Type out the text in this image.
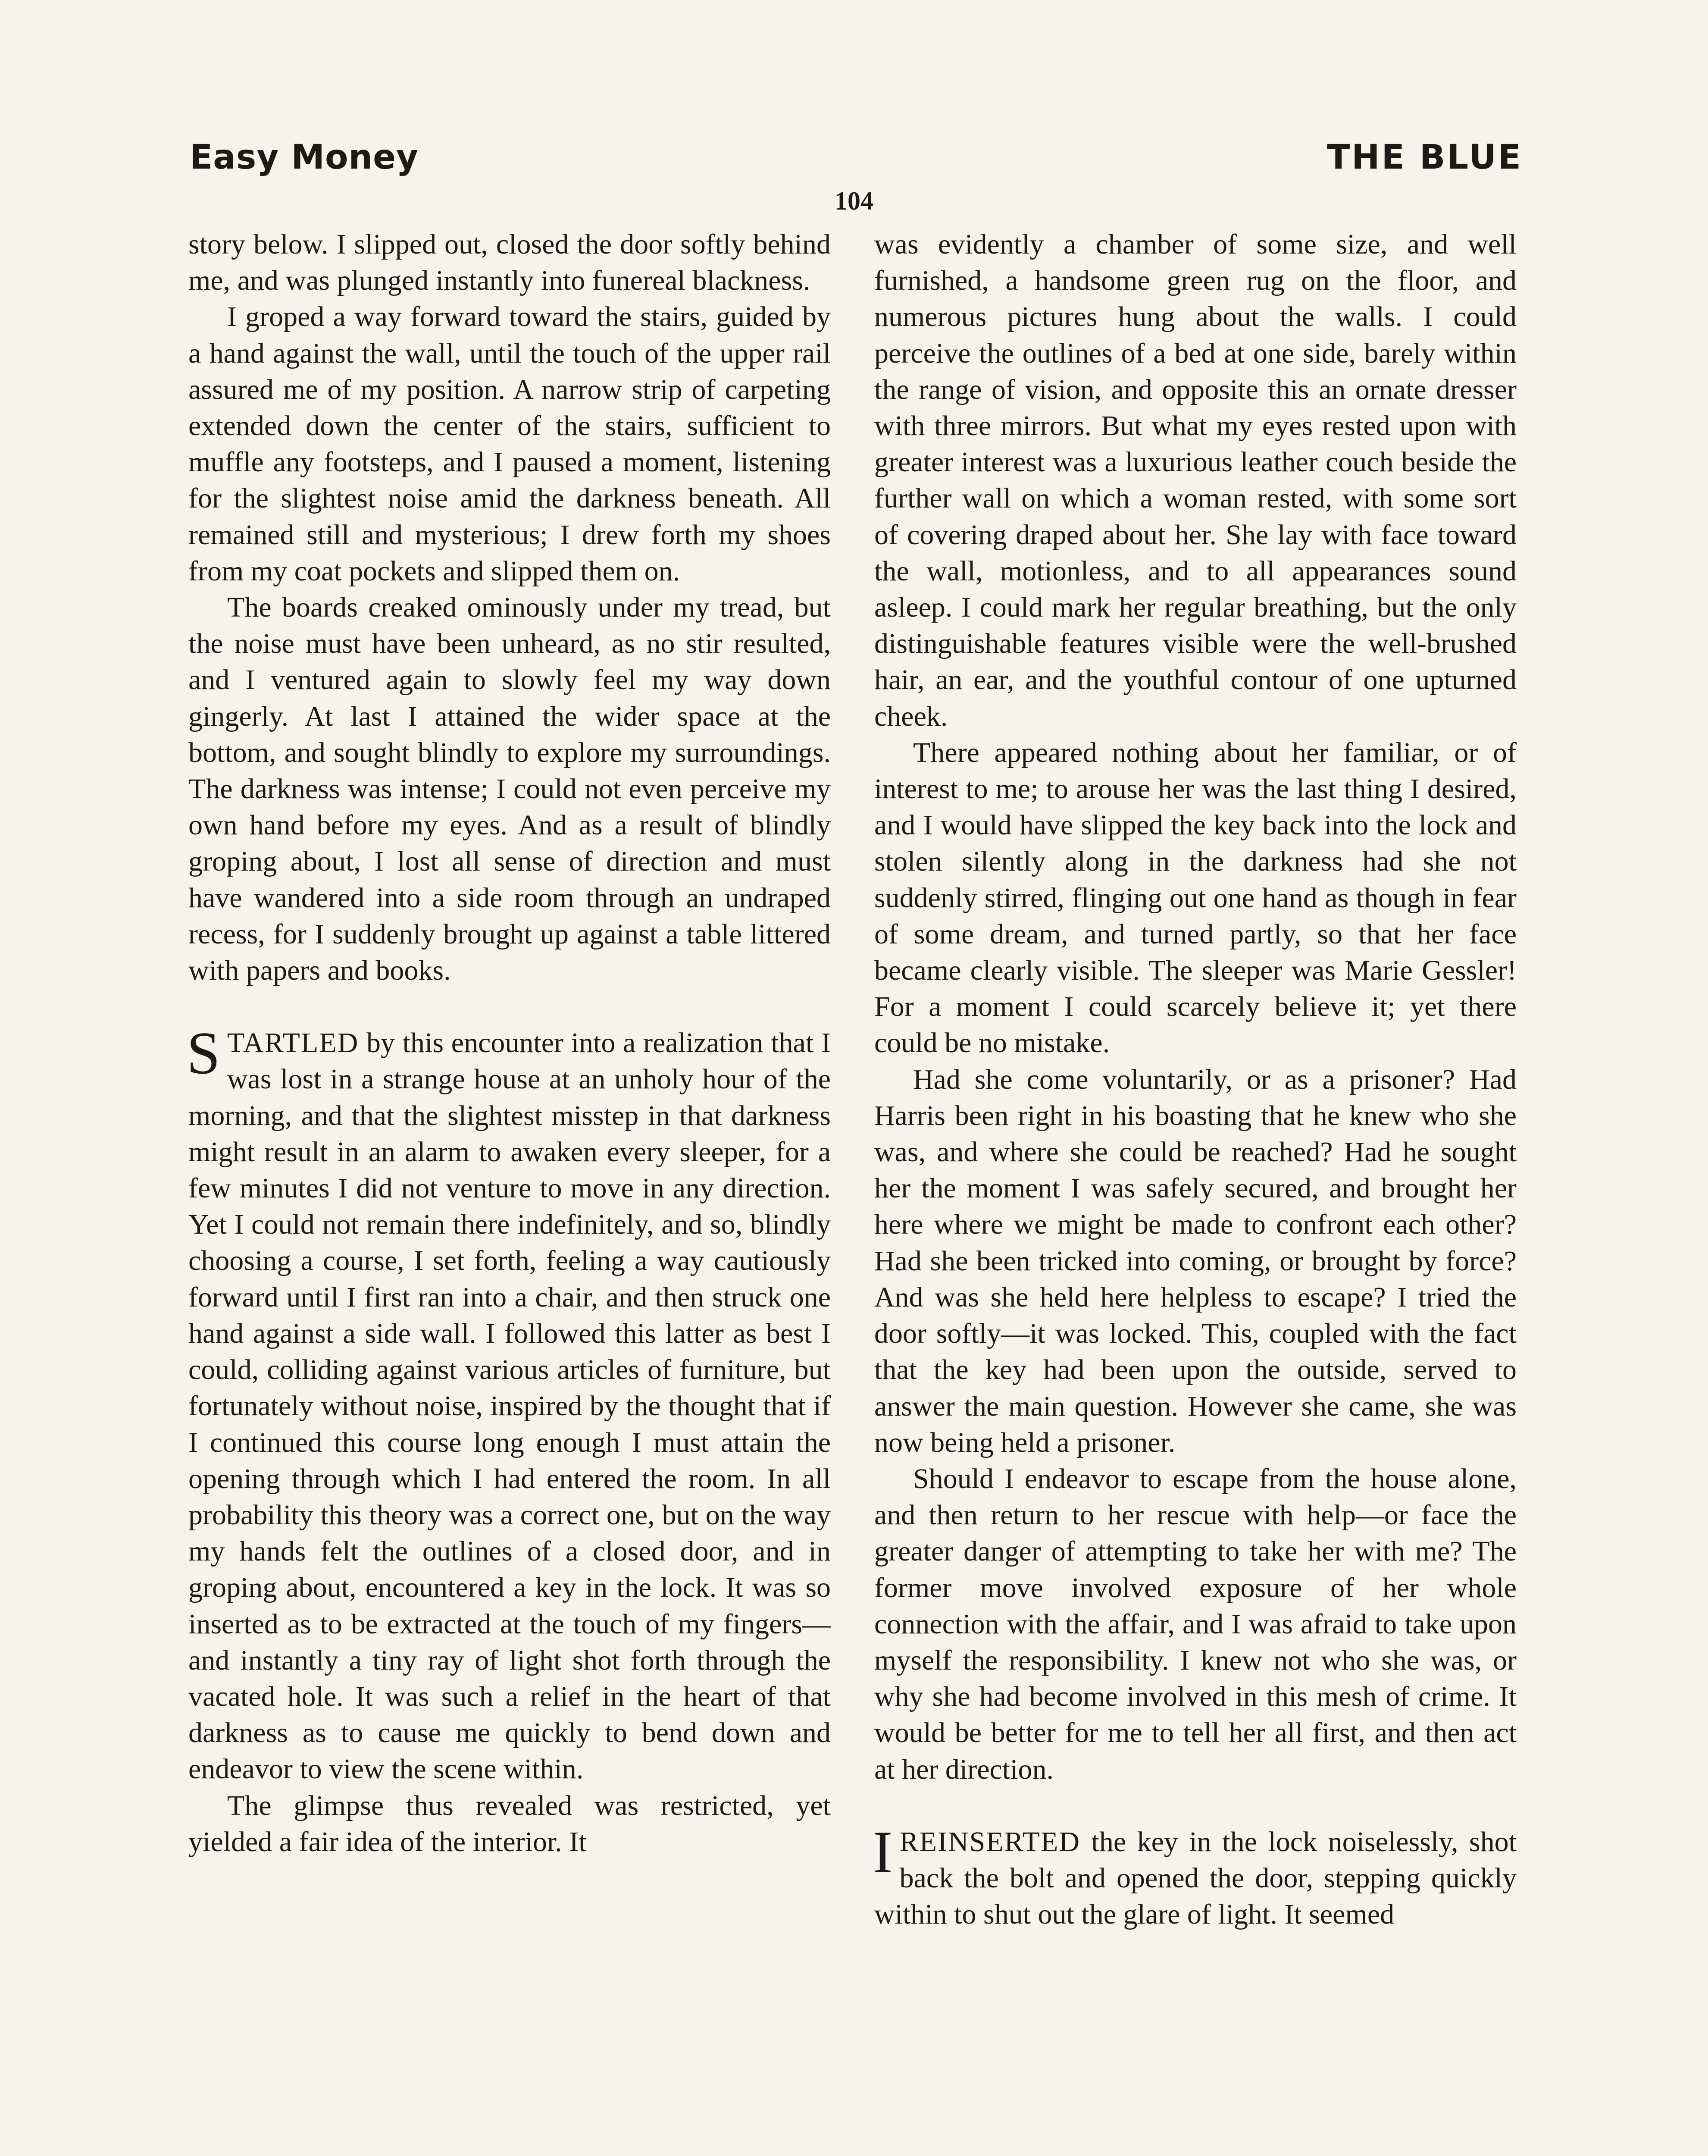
Easy Money	THE BLUE
104

story below. I slipped out, closed the door softly behind me, and was plunged instantly into funereal blackness.

I groped a way forward toward the stairs, guided by a hand against the wall, until the touch of the upper rail assured me of my position. A narrow strip of carpeting extended down the center of the stairs, sufficient to muffle any footsteps, and I paused a moment, listening for the slightest noise amid the darkness beneath. All remained still and mysterious; I drew forth my shoes from my coat pockets and slipped them on.

The boards creaked ominously under my tread, but the noise must have been unheard, as no stir resulted, and I ventured again to slowly feel my way down gingerly. At last I attained the wider space at the bottom, and sought blindly to explore my surroundings. The darkness was intense; I could not even perceive my own hand before my eyes. And as a result of blindly groping about, I lost all sense of direction and must have wandered into a side room through an undraped recess, for I suddenly brought up against a table littered with papers and books.

STARTLED by this encounter into a realization that I was lost in a strange house at an unholy hour of the morning, and that the slightest misstep in that darkness might result in an alarm to awaken every sleeper, for a few minutes I did not venture to move in any direction. Yet I could not remain there indefinitely, and so, blindly choosing a course, I set forth, feeling a way cautiously forward until I first ran into a chair, and then struck one hand against a side wall. I followed this latter as best I could, colliding against various articles of furniture, but fortunately without noise, inspired by the thought that if I continued this course long enough I must attain the opening through which I had entered the room. In all probability this theory was a correct one, but on the way my hands felt the outlines of a closed door, and in groping about, encountered a key in the lock. It was so inserted as to be extracted at the touch of my fingers—and instantly a tiny ray of light shot forth through the vacated hole. It was such a relief in the heart of that darkness as to cause me quickly to bend down and endeavor to view the scene within.

The glimpse thus revealed was restricted, yet yielded a fair idea of the interior. It

was evidently a chamber of some size, and well furnished, a handsome green rug on the floor, and numerous pictures hung about the walls. I could perceive the outlines of a bed at one side, barely within the range of vision, and opposite this an ornate dresser with three mirrors. But what my eyes rested upon with greater interest was a luxurious leather couch beside the further wall on which a woman rested, with some sort of covering draped about her. She lay with face toward the wall, motionless, and to all appearances sound asleep. I could mark her regular breathing, but the only distinguishable features visible were the well-brushed hair, an ear, and the youthful contour of one upturned cheek.

There appeared nothing about her familiar, or of interest to me; to arouse her was the last thing I desired, and I would have slipped the key back into the lock and stolen silently along in the darkness had she not suddenly stirred, flinging out one hand as though in fear of some dream, and turned partly, so that her face became clearly visible. The sleeper was Marie Gessler! For a moment I could scarcely believe it; yet there could be no mistake.

Had she come voluntarily, or as a prisoner? Had Harris been right in his boasting that he knew who she was, and where she could be reached? Had he sought her the moment I was safely secured, and brought her here where we might be made to confront each other? Had she been tricked into coming, or brought by force? And was she held here helpless to escape? I tried the door softly—it was locked. This, coupled with the fact that the key had been upon the outside, served to answer the main question. However she came, she was now being held a prisoner.

Should I endeavor to escape from the house alone, and then return to her rescue with help—or face the greater danger of attempting to take her with me? The former move involved exposure of her whole connection with the affair, and I was afraid to take upon myself the responsibility. I knew not who she was, or why she had become involved in this mesh of crime. It would be better for me to tell her all first, and then act at her direction.

IREINSERTED the key in the lock noiselessly, shot back the bolt and opened the door, stepping quickly within to shut out the glare of light. It seemed
